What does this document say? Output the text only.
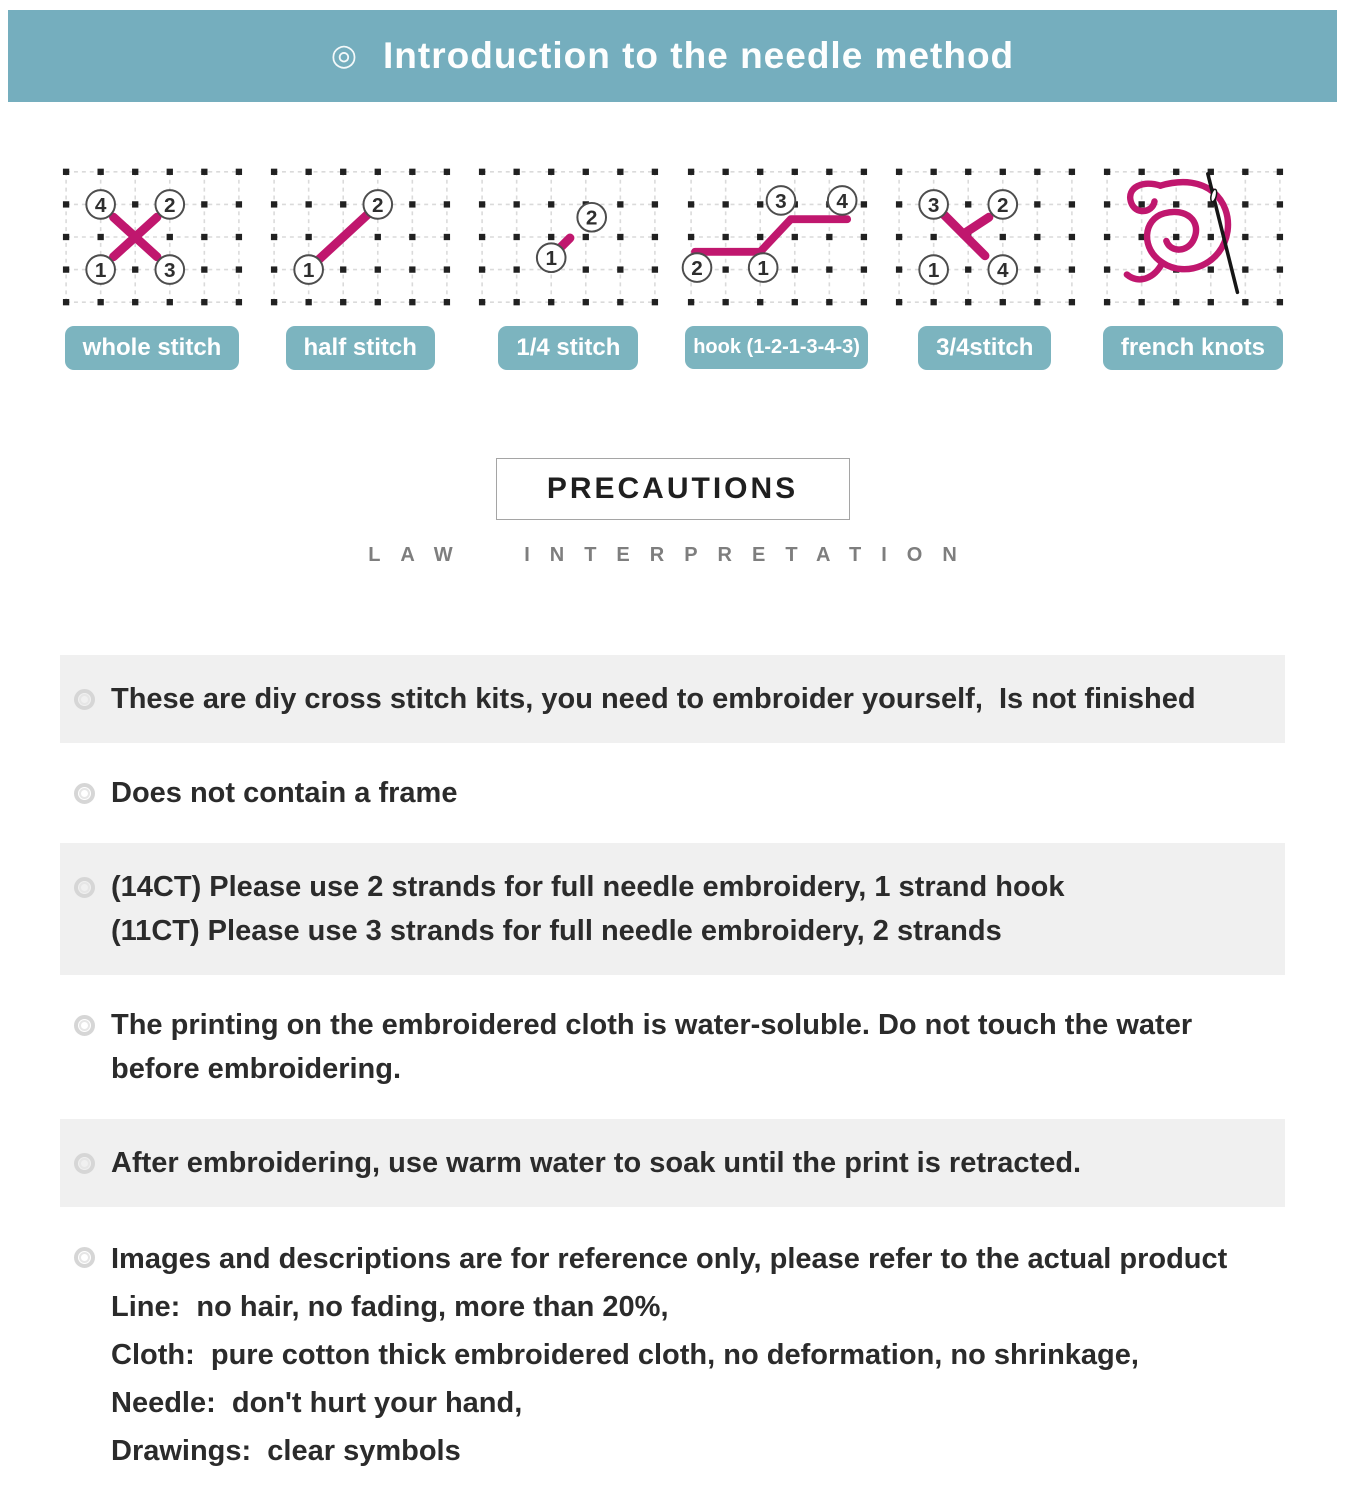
◎ Introduction to the needle method
4	2
1	3
whole stitch
2
1
half stitch
2
1
1/4 stitch
3 4
2	1
hook (1-2-1-3-4-3)
3	2
1	4
3/4stitch	french knots
PRECAUTIONS
LAW INTERPRETATION
These are diy cross stitch kits, you need to embroider yourself,  Is not finished
Does not contain a frame
(14CT) Please use 2 strands for full needle embroidery, 1 strand hook
(11CT) Please use 3 strands for full needle embroidery, 2 strands
The printing on the embroidered cloth is water-soluble. Do not touch the water
before embroidering.
After embroidering, use warm water to soak until the print is retracted.
Images and descriptions are for reference only, please refer to the actual product
Line:  no hair, no fading, more than 20%,
Cloth:  pure cotton thick embroidered cloth, no deformation, no shrinkage,
Needle:  don't hurt your hand,
Drawings:  clear symbols
